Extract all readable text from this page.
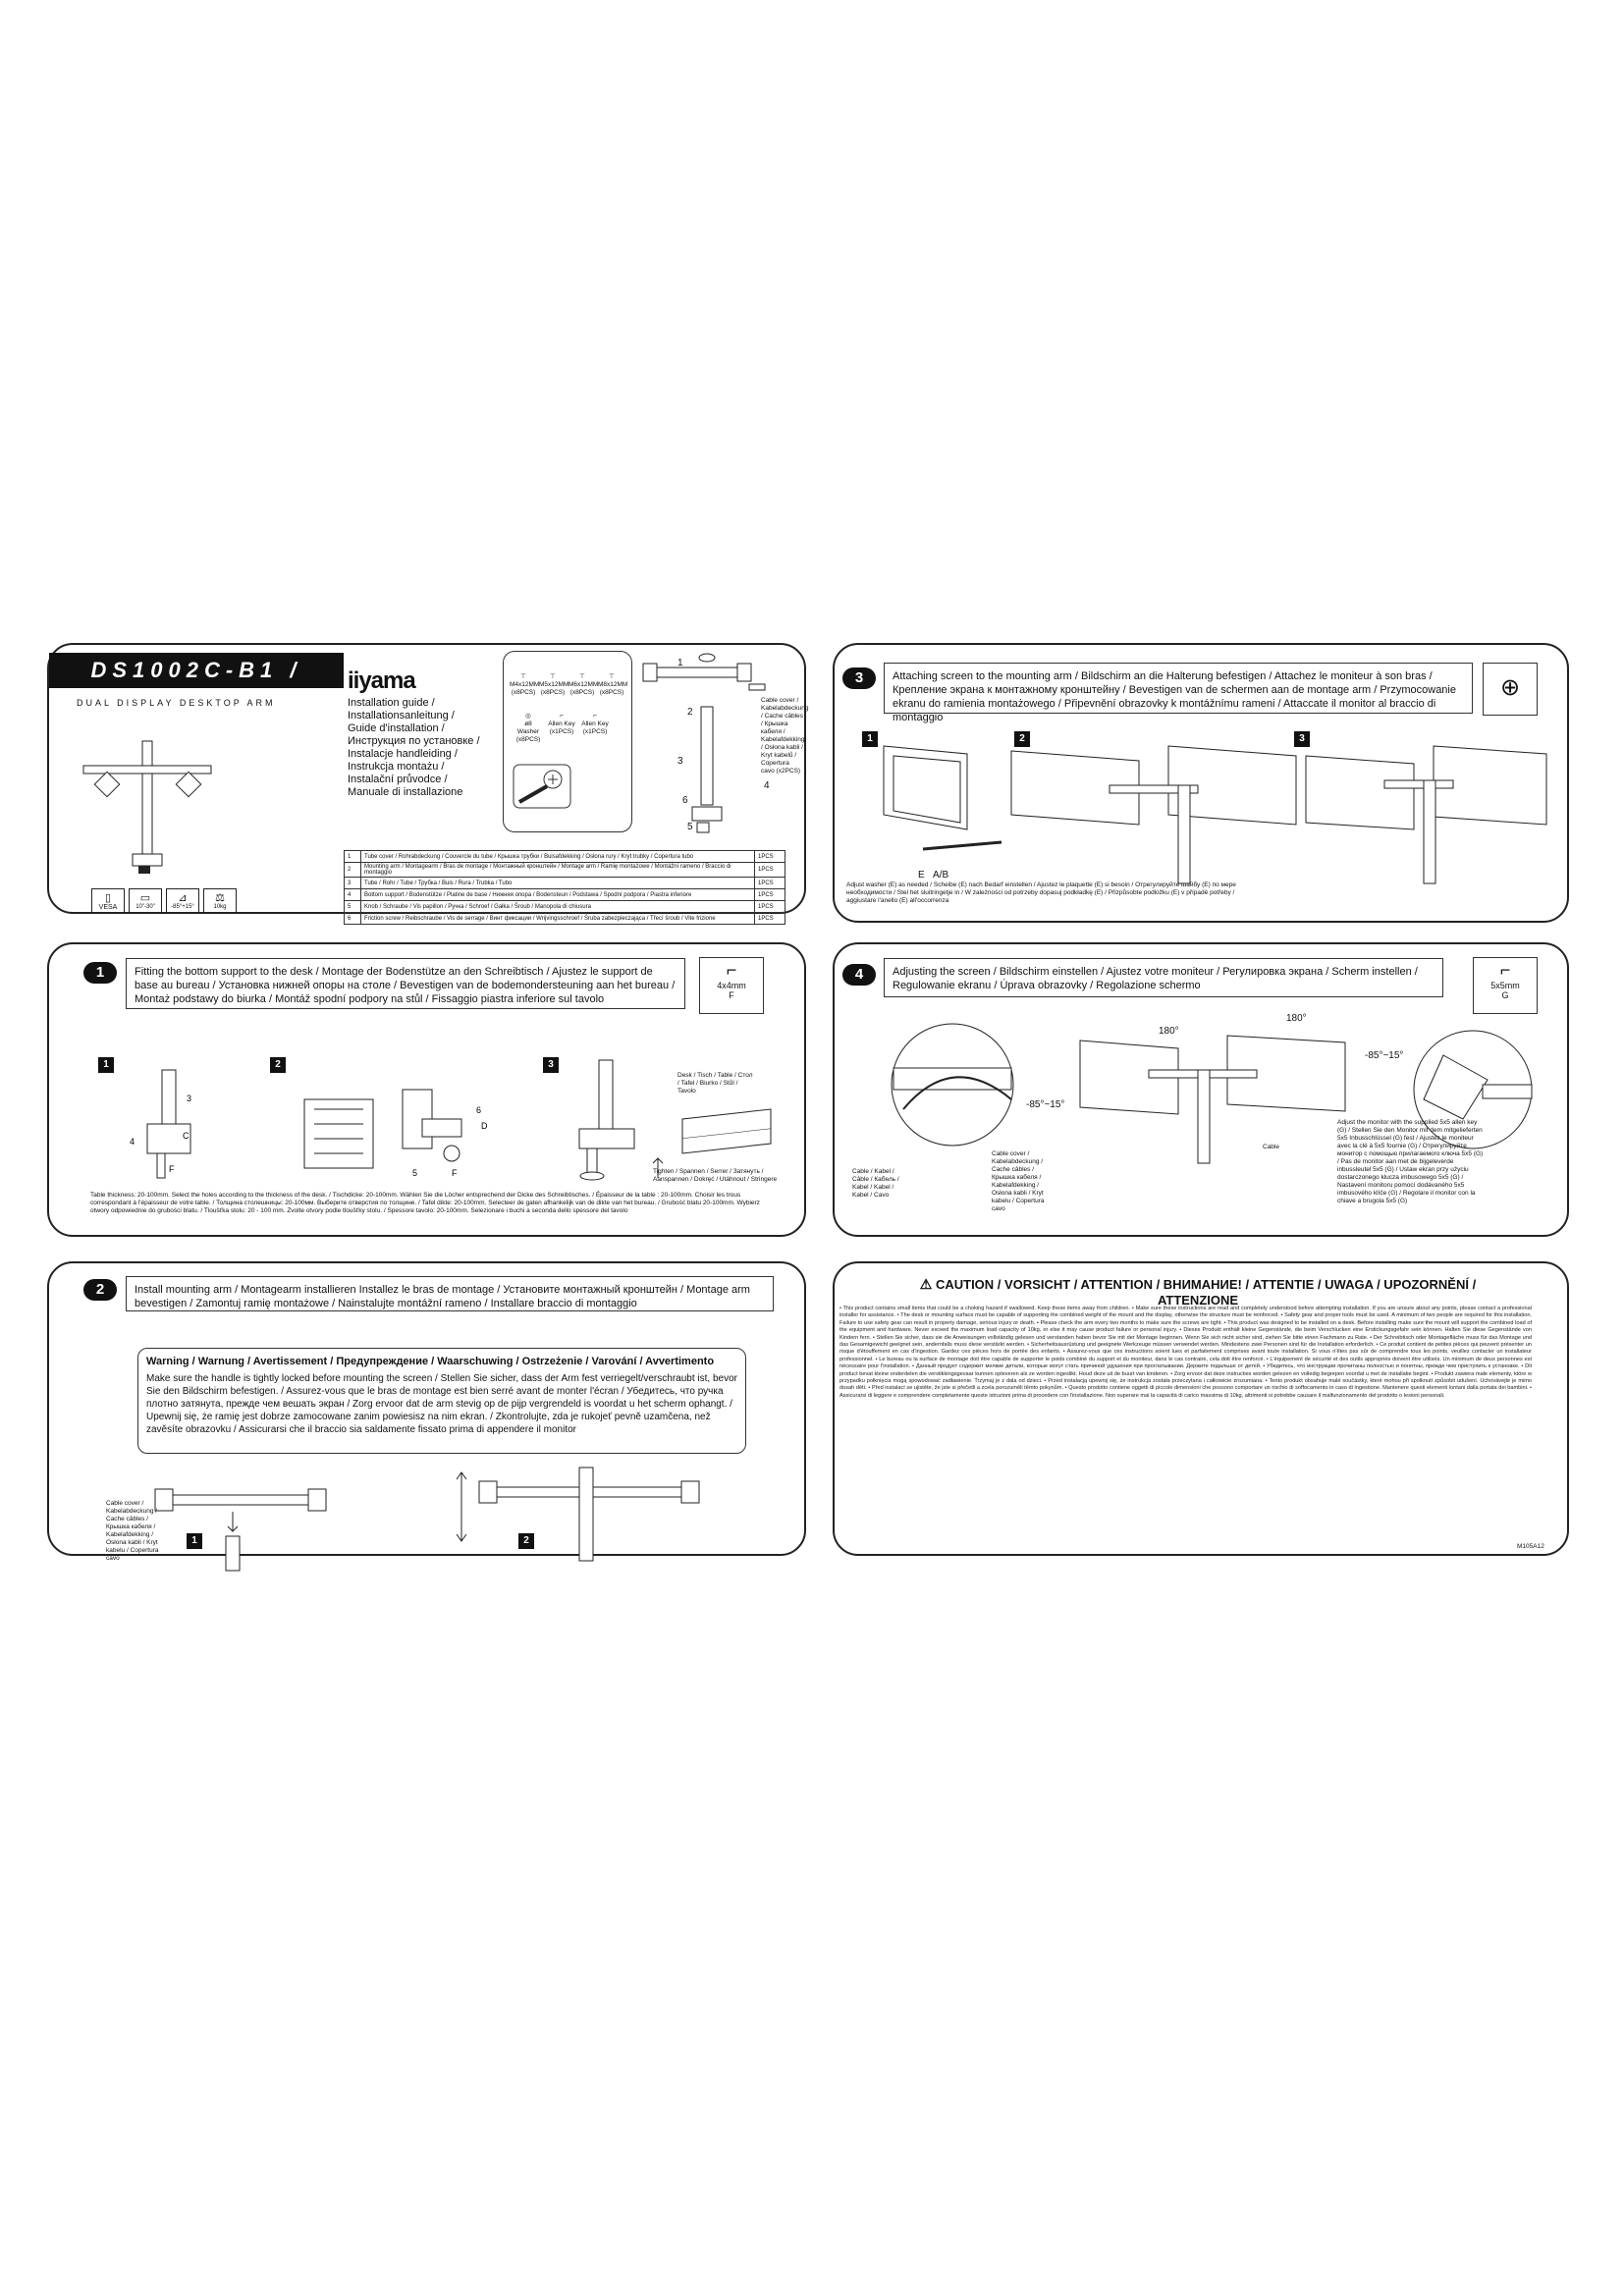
DS1002C-B1 /
DUAL DISPLAY DESKTOP ARM
▯
VESA
▭
10"-30"
⊿
-85°+15°
⚖
10kg
iiyama
Installation guide /
Installationsanleitung /
Guide d'installation /
Инструкция по установке /
Instalacje handleiding /
Instrukcja montażu /
Instalační průvodce /
Manuale di installazione
⊤
M4x12MM (x8PCS)
⊤
M5x12MM (x8PCS)
⊤
M6x12MM (x8PCS)
⊤
M8x12MM (x8PCS)
◎
ø8 Washer (x8PCS)
⌐
Allen Key (x1PCS)
⌐
Allen Key (x1PCS)
1
2
3
4
5
6
Cable cover / Kabelabdeckung / Cache câbles / Крышка кабеля / Kabelafdekking / Osłona kabli / Kryt kabelů / Copertura cavo (x2PCS)
1	Tube cover / Rohrabdeckung / Couvercle du tube / Крышка трубки / Buisafdekking / Osłona rury / Kryt trubky / Copertura tubo	1PCS
2	Mounting arm / Montagearm / Bras de montage / Монтажный кронштейн / Montage arm / Ramię montażowe / Montážní rameno / Braccio di montaggio	1PCS
3	Tube / Rohr / Tube / Трубка / Buis / Rura / Trubka / Tubo	1PCS
4	Bottom support / Bodenstütze / Platine de base / Нижняя опора / Bodensteun / Podstawa / Spodní podpora / Piastra inferiore	1PCS
5	Knob / Schraube / Vis papillon / Ручка / Schroef / Gałka / Šroub / Manopola di chiusura	1PCS
6	Friction screw / Reibschraube / Vis de serrage / Винт фиксации / Wrijvingsschroef / Śruba zabezpieczająca / Třecí šroub / Vite frizione	1PCS
1	Fitting the bottom support to the desk / Montage der Bodenstütze an den Schreibtisch / Ajustez le support de base au bureau / Установка нижней опоры на столе / Bevestigen van de bodemondersteuning aan het bureau / Montaż podstawy do biurka / Montáž spodní podpory na stůl / Fissaggio piastra inferiore sul tavolo
⌐
4x4mm
F
1	2	3
3
C
4
F
6
D
5	F
Desk / Tisch / Table / Стол / Tafel / Biurko / Stůl / Tavolo
Tighten / Spannen / Serrer / Затянуть / Aanspannen / Dokręć / Utáhnout / Stringere
Table thickness: 20-100mm. Select the holes according to the thickness of the desk. / Tischdicke: 20-100mm. Wählen Sie die Löcher entsprechend der Dicke des Schreibtisches. / Épaisseur de la table : 20-100mm. Choisir les trous correspondant à l'épaisseur de votre table. / Толщина столешницы: 20-100мм. Выберите отверстия по толщине. / Tafel dikte: 20-100mm. Selecteer de gaten afhankelijk van de dikte van het bureau. / Grubość blatu 20-100mm. Wybierz otwory odpowiednie do grubości blatu. / Tloušťka stolu: 20 - 100 mm. Zvolte otvory podle tloušťky stolu. / Spessore tavolo: 20-100mm. Selezionare i buchi a seconda dello spessore del tavolo
2	Install mounting arm / Montagearm installieren Installez le bras de montage / Установите монтажный кронштейн / Montage arm bevestigen / Zamontuj ramię montażowe / Nainstalujte montážní rameno / Installare braccio di montaggio
Warning / Warnung / Avertissement / Предупреждение / Waarschuwing / Ostrzeżenie / Varování / Avvertimento
Make sure the handle is tightly locked before mounting the screen / Stellen Sie sicher, dass der Arm fest verriegelt/verschraubt ist, bevor Sie den Bildschirm befestigen. / Assurez-vous que le bras de montage est bien serré avant de monter l'écran / Убедитесь, что ручка плотно затянута, прежде чем вешать экран / Zorg ervoor dat de arm stevig op de pijp vergrendeld is voordat u het scherm ophangt. / Upewnij się, że ramię jest dobrze zamocowane zanim powiesisz na nim ekran. / Zkontrolujte, zda je rukojeť pevně uzamčena, než zavěsíte obrazovku / Assicurarsi che il braccio sia saldamente fissato prima di appendere il monitor
1	2
Cable cover / Kabelabdeckung / Cache câbles / Крышка кабеля / Kabelafdekking / Osłona kabli / Kryt kabelu / Copertura cavo
3	Attaching screen to the mounting arm / Bildschirm an die Halterung befestigen / Attachez le moniteur à son bras / Крепление экрана к монтажному кронштейну / Bevestigen van de schermen aan de montage arm / Przymocowanie ekranu do ramienia montażowego / Připevnění obrazovky k montážnímu rameni / Attaccate il monitor al braccio di montaggio
⊕
1	2	3
E A/B
Adjust washer (E) as needed / Scheibe (E) nach Bedarf einstellen / Ajustez le plaquette (E) si besoin / Отрегулируйте шайбу (E) по мере необходимости / Stel het sluitringetje in / W zależności od potrzeby dopasuj podkładkę (E) / Přizpůsobte podložku (E) v případě potřeby / aggiustare l'anello (E) all'occorrenza
4	Adjusting the screen / Bildschirm einstellen / Ajustez votre moniteur / Регулировка экрана / Scherm instellen / Regulowanie ekranu / Úprava obrazovky / Regolazione schermo
⌐
5x5mm
G
180°
180°
-85°~15°
-85°~15°
Cable / Kabel / Câble / Кабель / Kabel / Kabel / Kabel / Cavo
Cable cover / Kabelabdeckung / Cache câbles / Крышка кабеля / Kabelafdekking / Osłona kabli / Kryt kabelu / Copertura cavo
Cable
Adjust the monitor with the supplied 5x5 allen key (G) / Stellen Sie den Monitor mit dem mitgelieferten 5x5 Inbusschlüssel (G) fest / Ajustez le moniteur avec la clé à 5x5 fournie (G) / Отрегулируйте монитор с помощью прилагаемого ключа 5x5 (G) / Pas de monitor aan met de bijgeleverde inbussleutel 5x5 (G) / Ustaw ekran przy użyciu dostarczonego klucza imbusowego 5x5 (G) / Nastavení monitoru pomocí dodávaného 5x5 imbusového klíče (G) / Regolare il monitor con la chiave a brugola 5x5 (G)
⚠ CAUTION / VORSICHT / ATTENTION / ВНИМАНИЕ! / ATTENTIE / UWAGA / UPOZORNĚNÍ / ATTENZIONE
• This product contains small items that could be a choking hazard if swallowed. Keep these items away from children. • Make sure these instructions are read and completely understood before attempting installation. If you are unsure about any points, please contact a professional installer for assistance. • The desk or mounting surface must be capable of supporting the combined weight of the mount and the display, otherwise the structure must be reinforced. • Safety gear and proper tools must be used. A minimum of two people are required for this installation. Failure to use safety gear can result in property damage, serious injury or death. • Please check the arm every two months to make sure the screws are tight. • This product was designed to be installed on a desk. Before installing make sure the mount will support the combined load of the equipment and hardware. Never exceed the maximum load capacity of 10kg, or else it may cause product failure or personal injury. • Dieses Produkt enthält kleine Gegenstände, die beim Verschlucken eine Erstickungsgefahr sein können. Halten Sie diese Gegenstände von Kindern fern. • Stellen Sie sicher, dass sie die Anweisungen vollständig gelesen und verstanden haben bevor Sie mit der Montage beginnen. Wenn Sie sich nicht sicher sind, ziehen Sie bitte einen Fachmann zu Rate. • Der Schreibtisch oder Montagefläche muss für das Montage und das Gesamtgewicht geeignet sein, andernfalls muss diese verstärkt werden. • Sicherheitsausrüstung und geeignete Werkzeuge müssen verwendet werden. Mindestens zwei Personen sind für die Installation erforderlich. • Ce produit contient de petites pièces qui peuvent présenter un risque d'étouffement en cas d'ingestion. Gardez ces pièces hors de portée des enfants. • Assurez-vous que ces instructions soient lues et parfaitement comprises avant toute installation. Si vous n'êtes pas sûr de comprendre tous les points, veuillez contacter un installateur professionnel. • Le bureau ou la surface de montage doit être capable de supporter le poids combiné du support et du moniteur, dans le cas contraire, cela doit être renforcé. • L'équipement de sécurité et des outils appropriés doivent être utilisés. Un minimum de deux personnes est nécessaire pour l'installation. • Данный продукт содержит мелкие детали, которые могут стать причиной удушения при проглатывании. Держите подальше от детей. • Убедитесь, что инструкции прочитаны полностью и понятны, прежде чем приступить к установке. • Dit product bevat kleine onderdelen die verstikkingsgevaar kunnen opleveren als ze worden ingeslikt. Houd deze uit de buurt van kinderen. • Zorg ervoor dat deze instructies worden gelezen en volledig begrepen voordat u met de installatie begint. • Produkt zawiera małe elementy, które w przypadku połknięcia mogą spowodować zadławienie. Trzymaj je z dala od dzieci. • Przed instalacją upewnij się, że instrukcja została przeczytana i całkowicie zrozumiana. • Tento produkt obsahuje malé součástky, které mohou při spolknutí způsobit udušení. Uchovávejte je mimo dosah dětí. • Před instalací se ujistěte, že jste si přečetli a zcela porozuměli těmto pokynům. • Questo prodotto contiene oggetti di piccole dimensioni che possono comportare un rischio di soffocamento in caso di ingestione. Mantenere questi elementi lontani dalla portata dei bambini. • Assicurarsi di leggere e comprendere completamente queste istruzioni prima di procedere con l'installazione. Non superare mai la capacità di carico massima di 10kg, altrimenti si potrebbe causare il malfunzionamento del prodotto o lesioni personali.
M105A12
